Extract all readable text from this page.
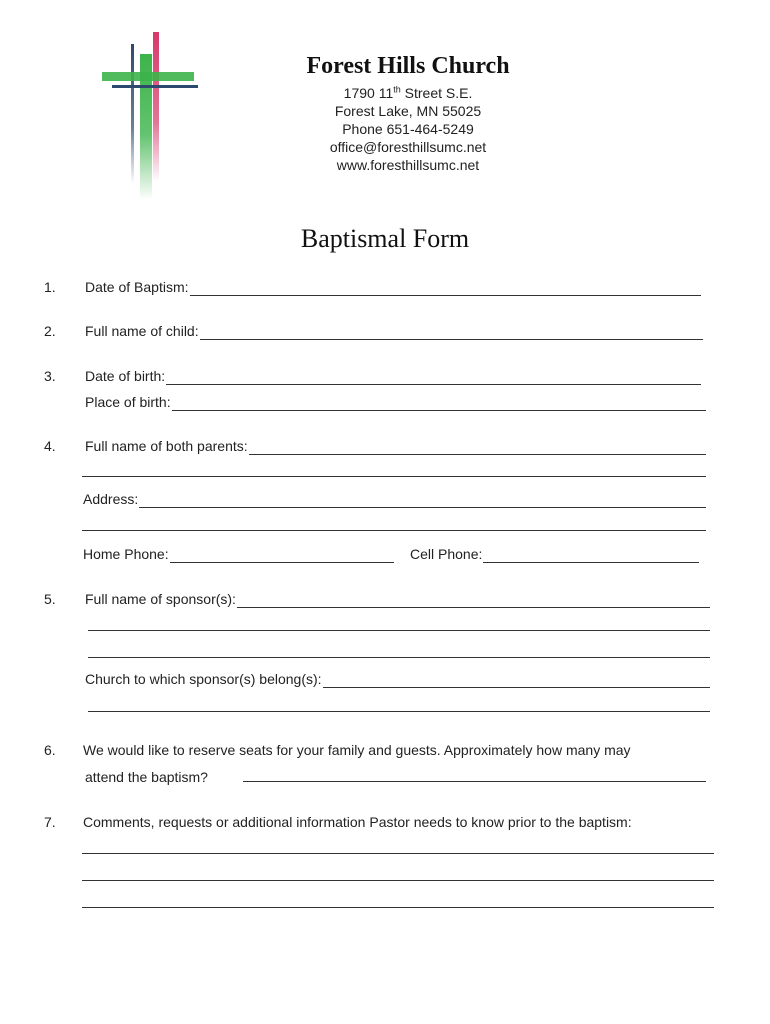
Forest Hills Church
1790 11th Street S.E.
Forest Lake, MN 55025
Phone 651-464-5249
office@foresthillsumc.net
www.foresthillsumc.net
Baptismal Form
1. Date of Baptism:
2. Full name of child:
3. Date of birth:
Place of birth:
4. Full name of both parents:
Address:
Home Phone:	Cell Phone:
5. Full name of sponsor(s):
Church to which sponsor(s) belong(s):
6. We would like to reserve seats for your family and guests. Approximately how many may
attend the baptism?
7. Comments, requests or additional information Pastor needs to know prior to the baptism:
